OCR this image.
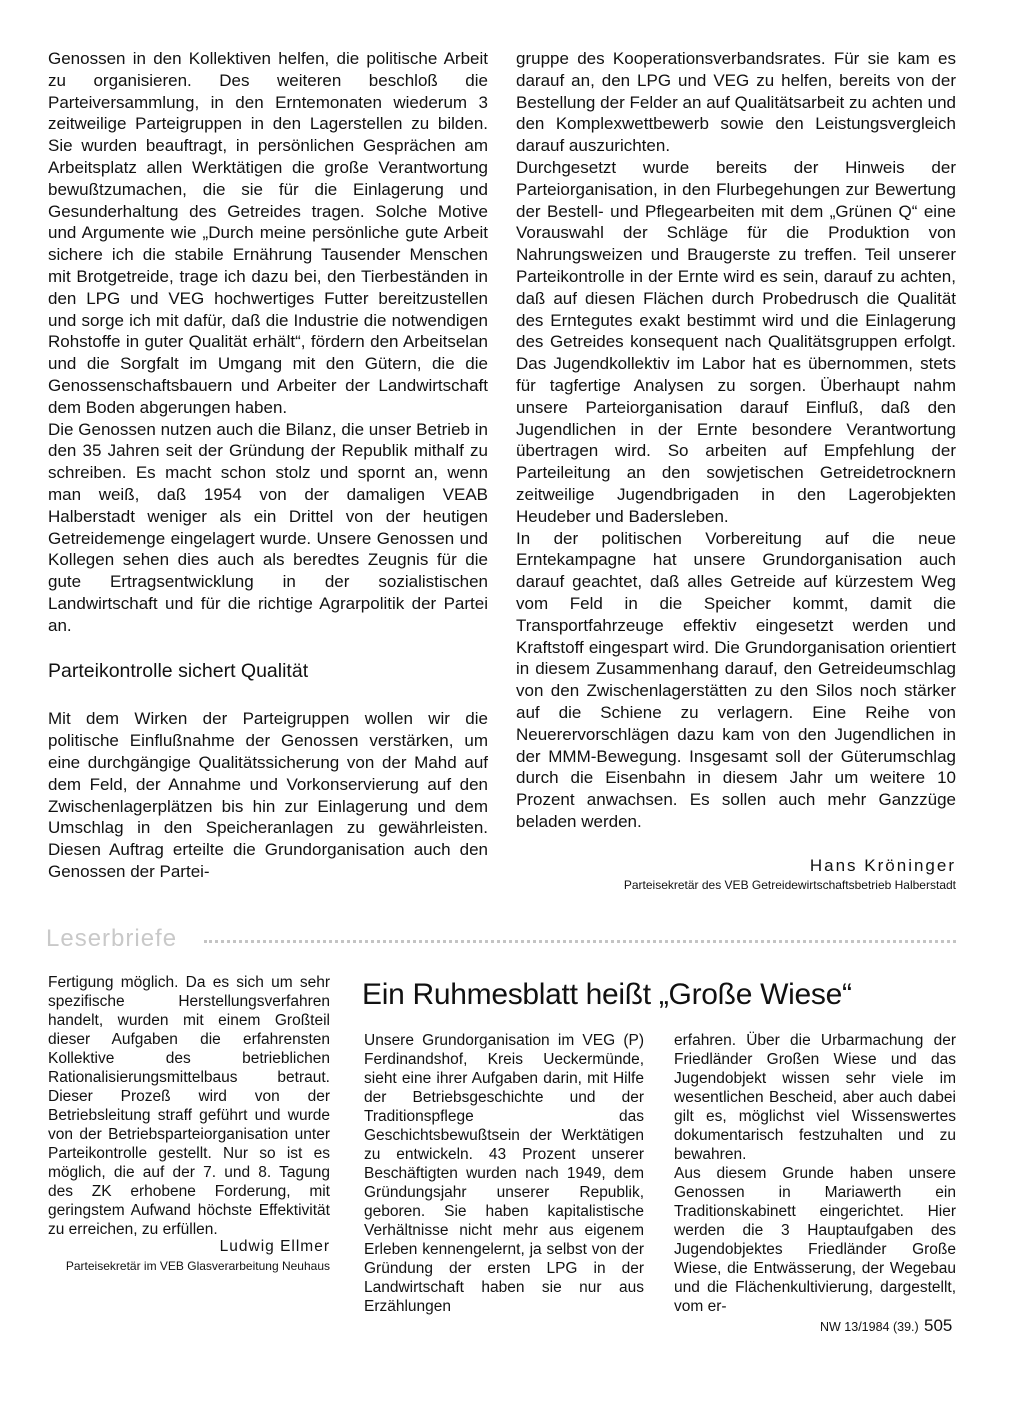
Genossen in den Kollektiven helfen, die politische Arbeit zu organisieren. Des weiteren beschloß die Parteiversammlung, in den Erntemonaten wiederum 3 zeitweilige Parteigruppen in den Lagerstellen zu bilden. Sie wurden beauftragt, in persönlichen Gesprächen am Arbeitsplatz allen Werktätigen die große Verantwortung bewußtzumachen, die sie für die Einlagerung und Gesunderhaltung des Getreides tragen. Solche Motive und Argumente wie „Durch meine persönliche gute Arbeit sichere ich die stabile Ernährung Tausender Menschen mit Brotgetreide, trage ich dazu bei, den Tierbeständen in den LPG und VEG hochwertiges Futter bereitzustellen und sorge ich mit dafür, daß die Industrie die notwendigen Rohstoffe in guter Qualität erhält“, fördern den Arbeitselan und die Sorgfalt im Umgang mit den Gütern, die die Genossenschaftsbauern und Arbeiter der Landwirtschaft dem Boden abgerungen haben.

Die Genossen nutzen auch die Bilanz, die unser Betrieb in den 35 Jahren seit der Gründung der Republik mithalf zu schreiben. Es macht schon stolz und spornt an, wenn man weiß, daß 1954 von der damaligen VEAB Halberstadt weniger als ein Drittel von der heutigen Getreidemenge eingelagert wurde. Unsere Genossen und Kollegen sehen dies auch als beredtes Zeugnis für die gute Ertragsentwicklung in der sozialistischen Landwirtschaft und für die richtige Agrarpolitik der Partei an.

Parteikontrolle sichert Qualität

Mit dem Wirken der Parteigruppen wollen wir die politische Einflußnahme der Genossen verstärken, um eine durchgängige Qualitätssicherung von der Mahd auf dem Feld, der Annahme und Vorkonservierung auf den Zwischenlagerplätzen bis hin zur Einlagerung und dem Umschlag in den Speicheranlagen zu gewährleisten. Diesen Auftrag erteilte die Grundorganisation auch den Genossen der Partei-

gruppe des Kooperationsverbandsrates. Für sie kam es darauf an, den LPG und VEG zu helfen, bereits von der Bestellung der Felder an auf Qualitätsarbeit zu achten und den Komplexwettbewerb sowie den Leistungsvergleich darauf auszurichten.

Durchgesetzt wurde bereits der Hinweis der Parteiorganisation, in den Flurbegehungen zur Bewertung der Bestell- und Pflegearbeiten mit dem „Grünen Q“ eine Vorauswahl der Schläge für die Produktion von Nahrungsweizen und Braugerste zu treffen. Teil unserer Parteikontrolle in der Ernte wird es sein, darauf zu achten, daß auf diesen Flächen durch Probedrusch die Qualität des Erntegutes exakt bestimmt wird und die Einlagerung des Getreides konsequent nach Qualitätsgruppen erfolgt. Das Jugendkollektiv im Labor hat es übernommen, stets für tagfertige Analysen zu sorgen. Überhaupt nahm unsere Parteiorganisation darauf Einfluß, daß den Jugendlichen in der Ernte besondere Verantwortung übertragen wird. So arbeiten auf Empfehlung der Parteileitung an den sowjetischen Getreidetrocknern zeitweilige Jugendbrigaden in den Lagerobjekten Heudeber und Badersleben.

In der politischen Vorbereitung auf die neue Erntekampagne hat unsere Grundorganisation auch darauf geachtet, daß alles Getreide auf kürzestem Weg vom Feld in die Speicher kommt, damit die Transportfahrzeuge effektiv eingesetzt werden und Kraftstoff eingespart wird. Die Grundorganisation orientiert in diesem Zusammenhang darauf, den Getreideumschlag von den Zwischenlagerstätten zu den Silos noch stärker auf die Schiene zu verlagern. Eine Reihe von Neuerervorschlägen dazu kam von den Jugendlichen in der MMM-Bewegung. Insgesamt soll der Güterumschlag durch die Eisenbahn in diesem Jahr um weitere 10 Prozent anwachsen. Es sollen auch mehr Ganzzüge beladen werden.

Hans Kröninger
Parteisekretär des VEB Getreidewirtschaftsbetrieb Halberstadt
Leserbriefe

Fertigung möglich. Da es sich um sehr spezifische Herstellungsverfahren handelt, wurden mit einem Großteil dieser Aufgaben die erfahrensten Kollektive des betrieblichen Rationalisierungsmittelbaus betraut. Dieser Prozeß wird von der Betriebsleitung straff geführt und wurde von der Betriebsparteiorganisation unter Parteikontrolle gestellt. Nur so ist es möglich, die auf der 7. und 8. Tagung des ZK erhobene Forderung, mit geringstem Aufwand höchste Effektivität zu erreichen, zu erfüllen.

Ludwig Ellmer
Parteisekretär im VEB Glasverarbeitung Neuhaus
Ein Ruhmesblatt heißt „Große Wiese“

Unsere Grundorganisation im VEG (P) Ferdinandshof, Kreis Ueckermünde, sieht eine ihrer Aufgaben darin, mit Hilfe der Betriebsgeschichte und der Traditionspflege das Geschichtsbewußtsein der Werktätigen zu entwickeln. 43 Prozent unserer Beschäftigten wurden nach 1949, dem Gründungsjahr unserer Republik, geboren. Sie haben kapitalistische Verhältnisse nicht mehr aus eigenem Erleben kennengelernt, ja selbst von der Gründung der ersten LPG in der Landwirtschaft haben sie nur aus Erzählungen

erfahren. Über die Urbarmachung der Friedländer Großen Wiese und das Jugendobjekt wissen sehr viele im wesentlichen Bescheid, aber auch dabei gilt es, möglichst viel Wissenswertes dokumentarisch festzuhalten und zu bewahren.

Aus diesem Grunde haben unsere Genossen in Mariawerth ein Traditionskabinett eingerichtet. Hier werden die 3 Hauptaufgaben des Jugendobjektes Friedländer Große Wiese, die Entwässerung, der Wegebau und die Flächenkultivierung, dargestellt, vom er-

NW 13/1984 (39.) 505
